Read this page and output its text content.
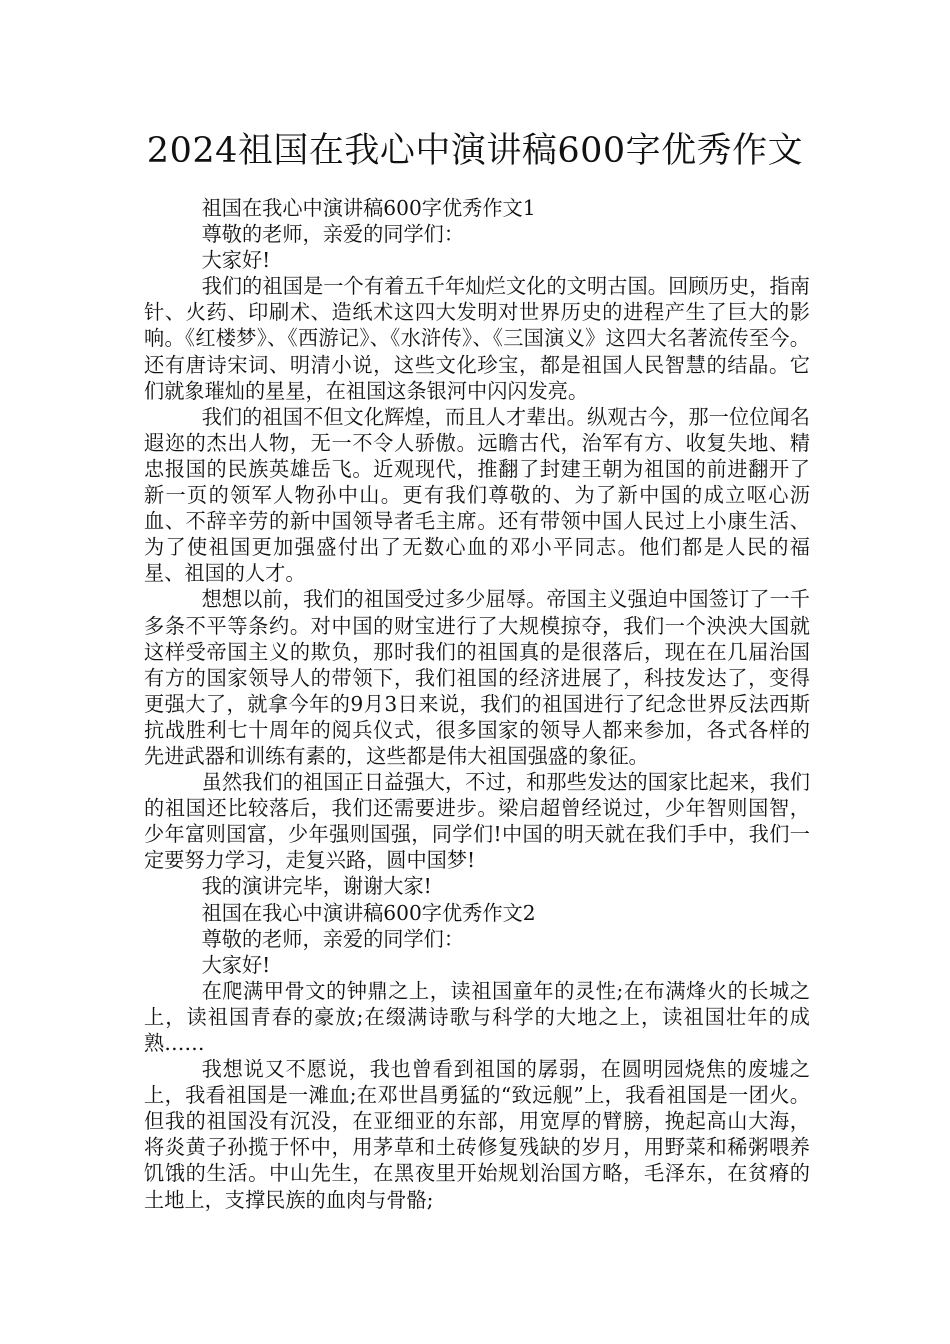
2024祖国在我心中演讲稿600字优秀作文

祖国在我心中演讲稿600字优秀作文1

尊敬的老师，亲爱的同学们：

大家好!

我们的祖国是一个有着五千年灿烂文化的文明古国。回顾历史，指南针、火药、印刷术、造纸术这四大发明对世界历史的进程产生了巨大的影响。《红楼梦》、《西游记》、《水浒传》、《三国演义》这四大名著流传至今。还有唐诗宋词、明清小说，这些文化珍宝，都是祖国人民智慧的结晶。它们就象璀灿的星星，在祖国这条银河中闪闪发亮。

我们的祖国不但文化辉煌，而且人才辈出。纵观古今，那一位位闻名遐迩的杰出人物，无一不令人骄傲。远瞻古代，治军有方、收复失地、精忠报国的民族英雄岳飞。近观现代，推翻了封建王朝为祖国的前进翻开了新一页的领军人物孙中山。更有我们尊敬的、为了新中国的成立呕心沥血、不辞辛劳的新中国领导者毛主席。还有带领中国人民过上小康生活、为了使祖国更加强盛付出了无数心血的邓小平同志。他们都是人民的福星、祖国的人才。

想想以前，我们的祖国受过多少屈辱。帝国主义强迫中国签订了一千多条不平等条约。对中国的财宝进行了大规模掠夺，我们一个泱泱大国就这样受帝国主义的欺负，那时我们的祖国真的是很落后，现在在几届治国有方的国家领导人的带领下，我们祖国的经济进展了，科技发达了，变得更强大了，就拿今年的9月3日来说，我们的祖国进行了纪念世界反法西斯抗战胜利七十周年的阅兵仪式，很多国家的领导人都来参加，各式各样的先进武器和训练有素的，这些都是伟大祖国强盛的象征。

虽然我们的祖国正日益强大，不过，和那些发达的国家比起来，我们的祖国还比较落后，我们还需要进步。梁启超曾经说过，少年智则国智，少年富则国富，少年强则国强，同学们!中国的明天就在我们手中，我们一定要努力学习，走复兴路，圆中国梦!

我的演讲完毕，谢谢大家!

祖国在我心中演讲稿600字优秀作文2

尊敬的老师，亲爱的同学们：

大家好!

在爬满甲骨文的钟鼎之上，读祖国童年的灵性;在布满烽火的长城之上，读祖国青春的豪放;在缀满诗歌与科学的大地之上，读祖国壮年的成熟……

我想说又不愿说，我也曾看到祖国的孱弱，在圆明园烧焦的废墟之上，我看祖国是一滩血;在邓世昌勇猛的“致远舰”上，我看祖国是一团火。但我的祖国没有沉没，在亚细亚的东部，用宽厚的臂膀，挽起高山大海，将炎黄子孙揽于怀中，用茅草和土砖修复残缺的岁月，用野菜和稀粥喂养饥饿的生活。中山先生，在黑夜里开始规划治国方略，毛泽东，在贫瘠的土地上，支撑民族的血肉与骨骼;
